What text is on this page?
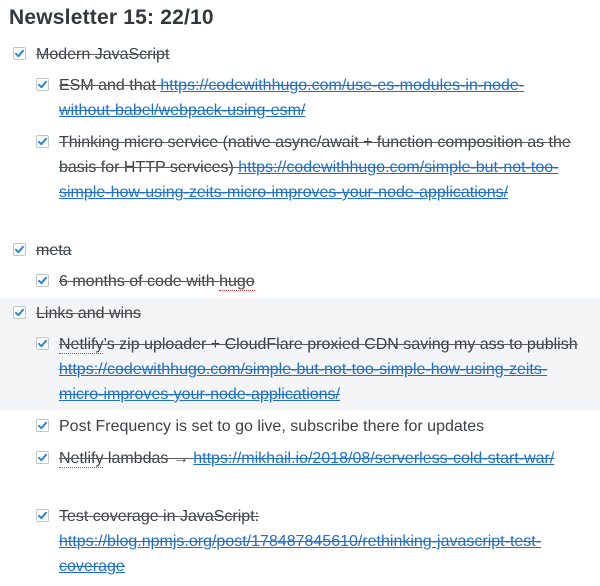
Newsletter 15: 22/10
Modern JavaScript
ESM and that https://codewithhugo.com/use-es-modules-in-node-without-babel/webpack-using-esm/
Thinking micro service (native async/await + function composition as the basis for HTTP services) https://codewithhugo.com/simple-but-not-too-simple-how-using-zeits-micro-improves-your-node-applications/
meta
6 months of code with hugo
Links and wins
Netlify’s zip uploader + CloudFlare proxied CDN saving my ass to publish https://codewithhugo.com/simple-but-not-too-simple-how-using-zeits-micro-improves-your-node-applications/
Post Frequency is set to go live, subscribe there for updates
Netlify lambdas → https://mikhail.io/2018/08/serverless-cold-start-war/
Test coverage in JavaScript: https://blog.npmjs.org/post/178487845610/rethinking-javascript-test-coverage
